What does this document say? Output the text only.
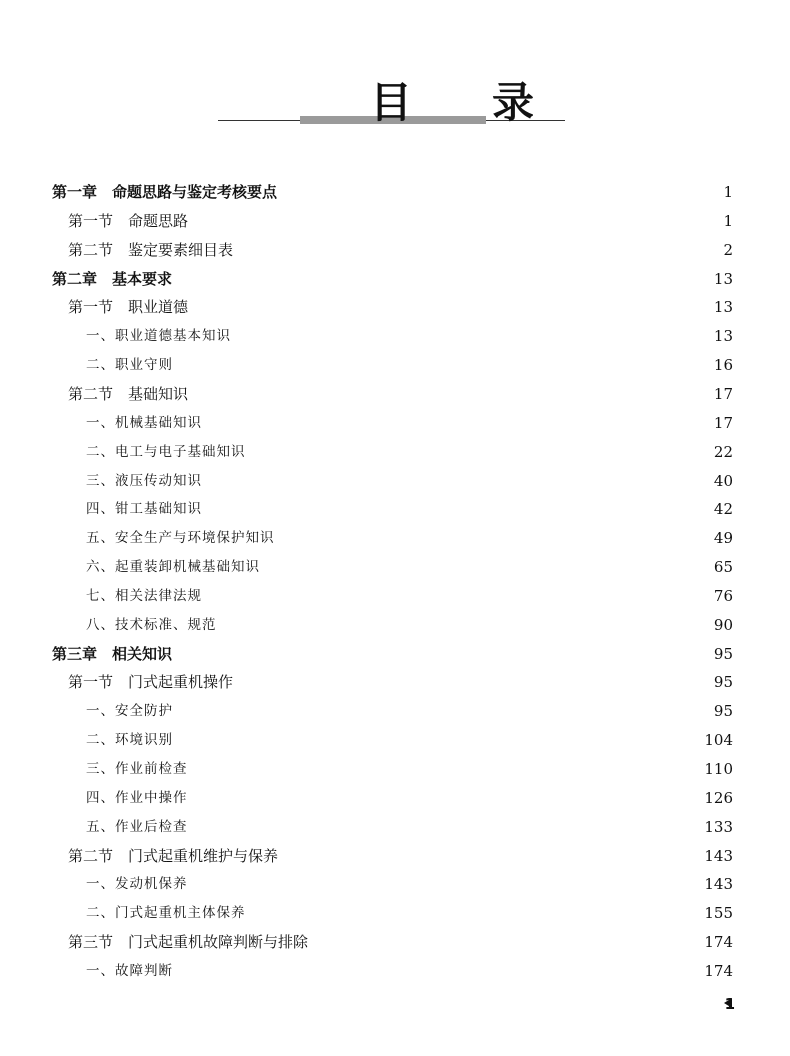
目录
第一章　命题思路与鉴定考核要点	1
第一节　命题思路	1
第二节　鉴定要素细目表	2
第二章　基本要求	13
第一节　职业道德	13
一、职业道德基本知识	13
二、职业守则	16
第二节　基础知识	17
一、机械基础知识	17
二、电工与电子基础知识	22
三、液压传动知识	40
四、钳工基础知识	42
五、安全生产与环境保护知识	49
六、起重装卸机械基础知识	65
七、相关法律法规	76
八、技术标准、规范	90
第三章　相关知识	95
第一节　门式起重机操作	95
一、安全防护	95
二、环境识别	104
三、作业前检查	110
四、作业中操作	126
五、作业后检查	133
第二节　门式起重机维护与保养	143
一、发动机保养	143
二、门式起重机主体保养	155
第三节　门式起重机故障判断与排除	174
一、故障判断	174
1
